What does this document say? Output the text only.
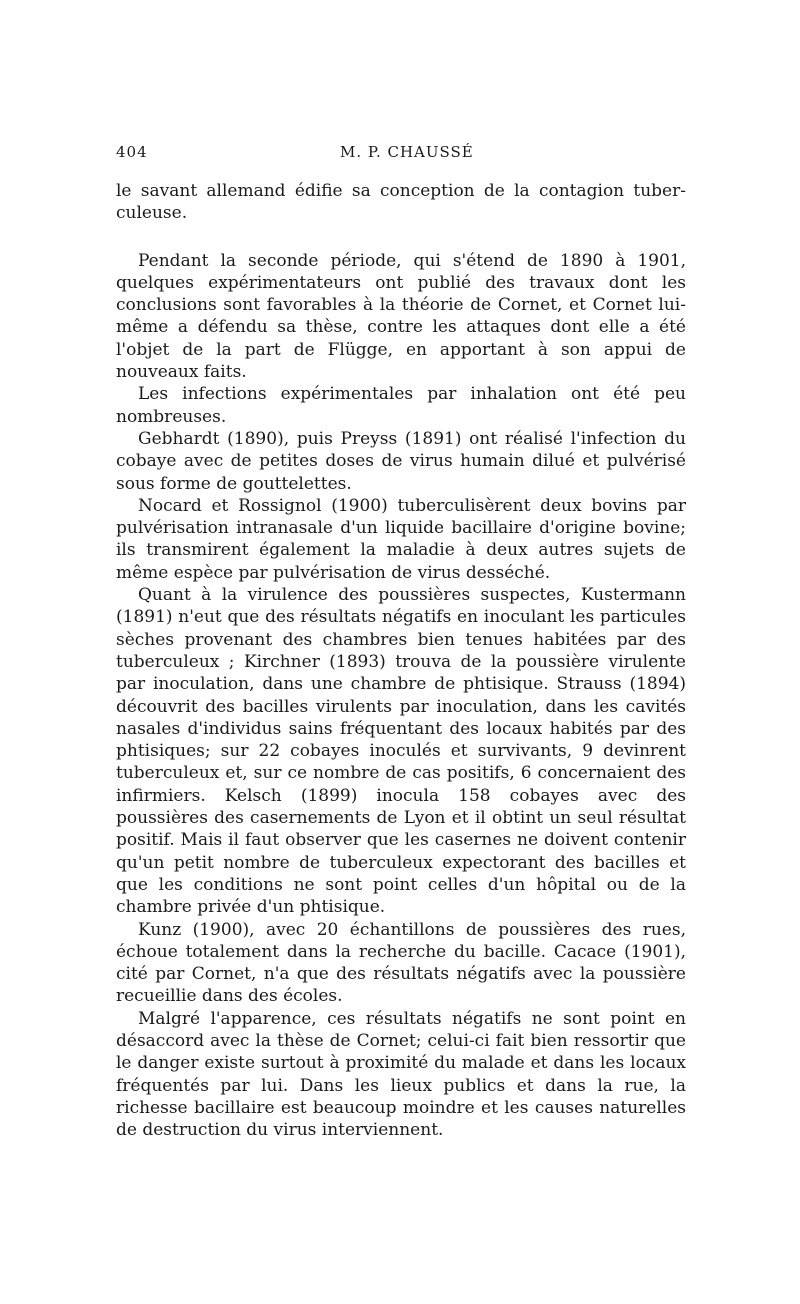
404	M. P. CHAUSSÉ

le savant allemand édifie sa conception de la contagion tuber-culeuse.

Pendant la seconde période, qui s'étend de 1890 à 1901, quelques expérimentateurs ont publié des travaux dont les conclusions sont favorables à la théorie de Cornet, et Cornet lui-même a défendu sa thèse, contre les attaques dont elle a été l'objet de la part de Flügge, en apportant à son appui de nouveaux faits.

Les infections expérimentales par inhalation ont été peu nombreuses.

Gebhardt (1890), puis Preyss (1891) ont réalisé l'infection du cobaye avec de petites doses de virus humain dilué et pulvérisé sous forme de gouttelettes.

Nocard et Rossignol (1900) tuberculisèrent deux bovins par pulvérisation intranasale d'un liquide bacillaire d'origine bovine; ils transmirent également la maladie à deux autres sujets de même espèce par pulvérisation de virus desséché.

Quant à la virulence des poussières suspectes, Kustermann (1891) n'eut que des résultats négatifs en inoculant les particules sèches provenant des chambres bien tenues habitées par des tuberculeux ; Kirchner (1893) trouva de la poussière virulente par inoculation, dans une chambre de phtisique. Strauss (1894) découvrit des bacilles virulents par inoculation, dans les cavités nasales d'individus sains fréquentant des locaux habités par des phtisiques; sur 22 cobayes inoculés et survivants, 9 devinrent tuberculeux et, sur ce nombre de cas positifs, 6 concernaient des infirmiers. Kelsch (1899) inocula 158 cobayes avec des poussières des casernements de Lyon et il obtint un seul résultat positif. Mais il faut observer que les casernes ne doivent contenir qu'un petit nombre de tuberculeux expectorant des bacilles et que les conditions ne sont point celles d'un hôpital ou de la chambre privée d'un phtisique.

Kunz (1900), avec 20 échantillons de poussières des rues, échoue totalement dans la recherche du bacille. Cacace (1901), cité par Cornet, n'a que des résultats négatifs avec la poussière recueillie dans des écoles.

Malgré l'apparence, ces résultats négatifs ne sont point en désaccord avec la thèse de Cornet; celui-ci fait bien ressortir que le danger existe surtout à proximité du malade et dans les locaux fréquentés par lui. Dans les lieux publics et dans la rue, la richesse bacillaire est beaucoup moindre et les causes naturelles de destruction du virus interviennent.
